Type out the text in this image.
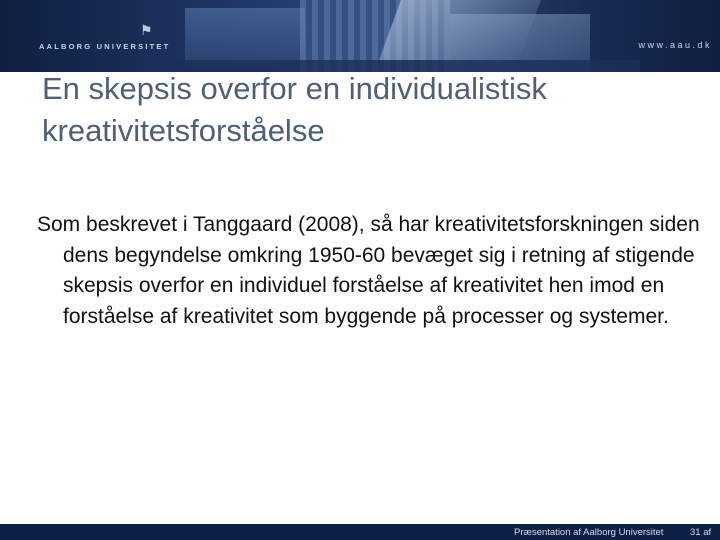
⚑
AALBORG UNIVERSITET	www.aau.dk
En skepsis overfor en individualistisk kreativitetsforståelse

Som beskrevet i Tanggaard (2008), så har kreativitetsforskningen siden dens begyndelse omkring 1950-60 bevæget sig i retning af stigende skepsis overfor en individuel forståelse af kreativitet hen imod en forståelse af kreativitet som byggende på processer og systemer.

Præsentation af Aalborg Universitet	31 af
